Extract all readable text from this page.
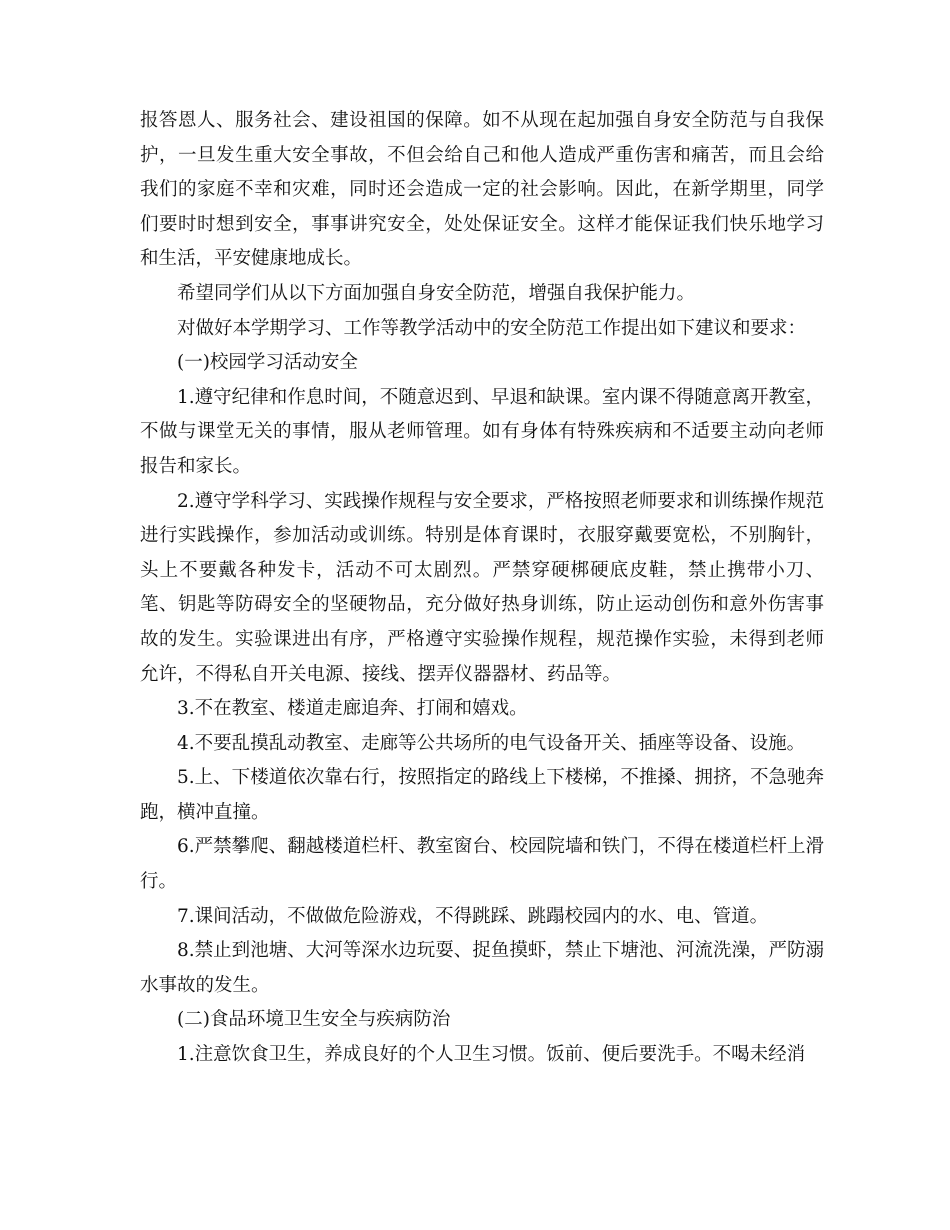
报答恩人、服务社会、建设祖国的保障。如不从现在起加强自身安全防范与自我保护，一旦发生重大安全事故，不但会给自己和他人造成严重伤害和痛苦，而且会给我们的家庭不幸和灾难，同时还会造成一定的社会影响。因此，在新学期里，同学们要时时想到安全，事事讲究安全，处处保证安全。这样才能保证我们快乐地学习和生活，平安健康地成长。

希望同学们从以下方面加强自身安全防范，增强自我保护能力。

对做好本学期学习、工作等教学活动中的安全防范工作提出如下建议和要求：

(一)校园学习活动安全

1.遵守纪律和作息时间，不随意迟到、早退和缺课。室内课不得随意离开教室，不做与课堂无关的事情，服从老师管理。如有身体有特殊疾病和不适要主动向老师报告和家长。

2.遵守学科学习、实践操作规程与安全要求，严格按照老师要求和训练操作规范进行实践操作，参加活动或训练。特别是体育课时，衣服穿戴要宽松，不别胸针，头上不要戴各种发卡，活动不可太剧烈。严禁穿硬梆硬底皮鞋，禁止携带小刀、笔、钥匙等防碍安全的坚硬物品，充分做好热身训练，防止运动创伤和意外伤害事故的发生。实验课进出有序，严格遵守实验操作规程，规范操作实验，未得到老师允许，不得私自开关电源、接线、摆弄仪器器材、药品等。

3.不在教室、楼道走廊追奔、打闹和嬉戏。

4.不要乱摸乱动教室、走廊等公共场所的电气设备开关、插座等设备、设施。

5.上、下楼道依次靠右行，按照指定的路线上下楼梯，不推搡、拥挤，不急驰奔跑，横冲直撞。

6.严禁攀爬、翻越楼道栏杆、教室窗台、校园院墙和铁门，不得在楼道栏杆上滑行。

7.课间活动，不做做危险游戏，不得跳踩、跳蹋校园内的水、电、管道。

8.禁止到池塘、大河等深水边玩耍、捉鱼摸虾，禁止下塘池、河流洗澡，严防溺水事故的发生。

(二)食品环境卫生安全与疾病防治

1.注意饮食卫生，养成良好的个人卫生习惯。饭前、便后要洗手。不喝未经消
